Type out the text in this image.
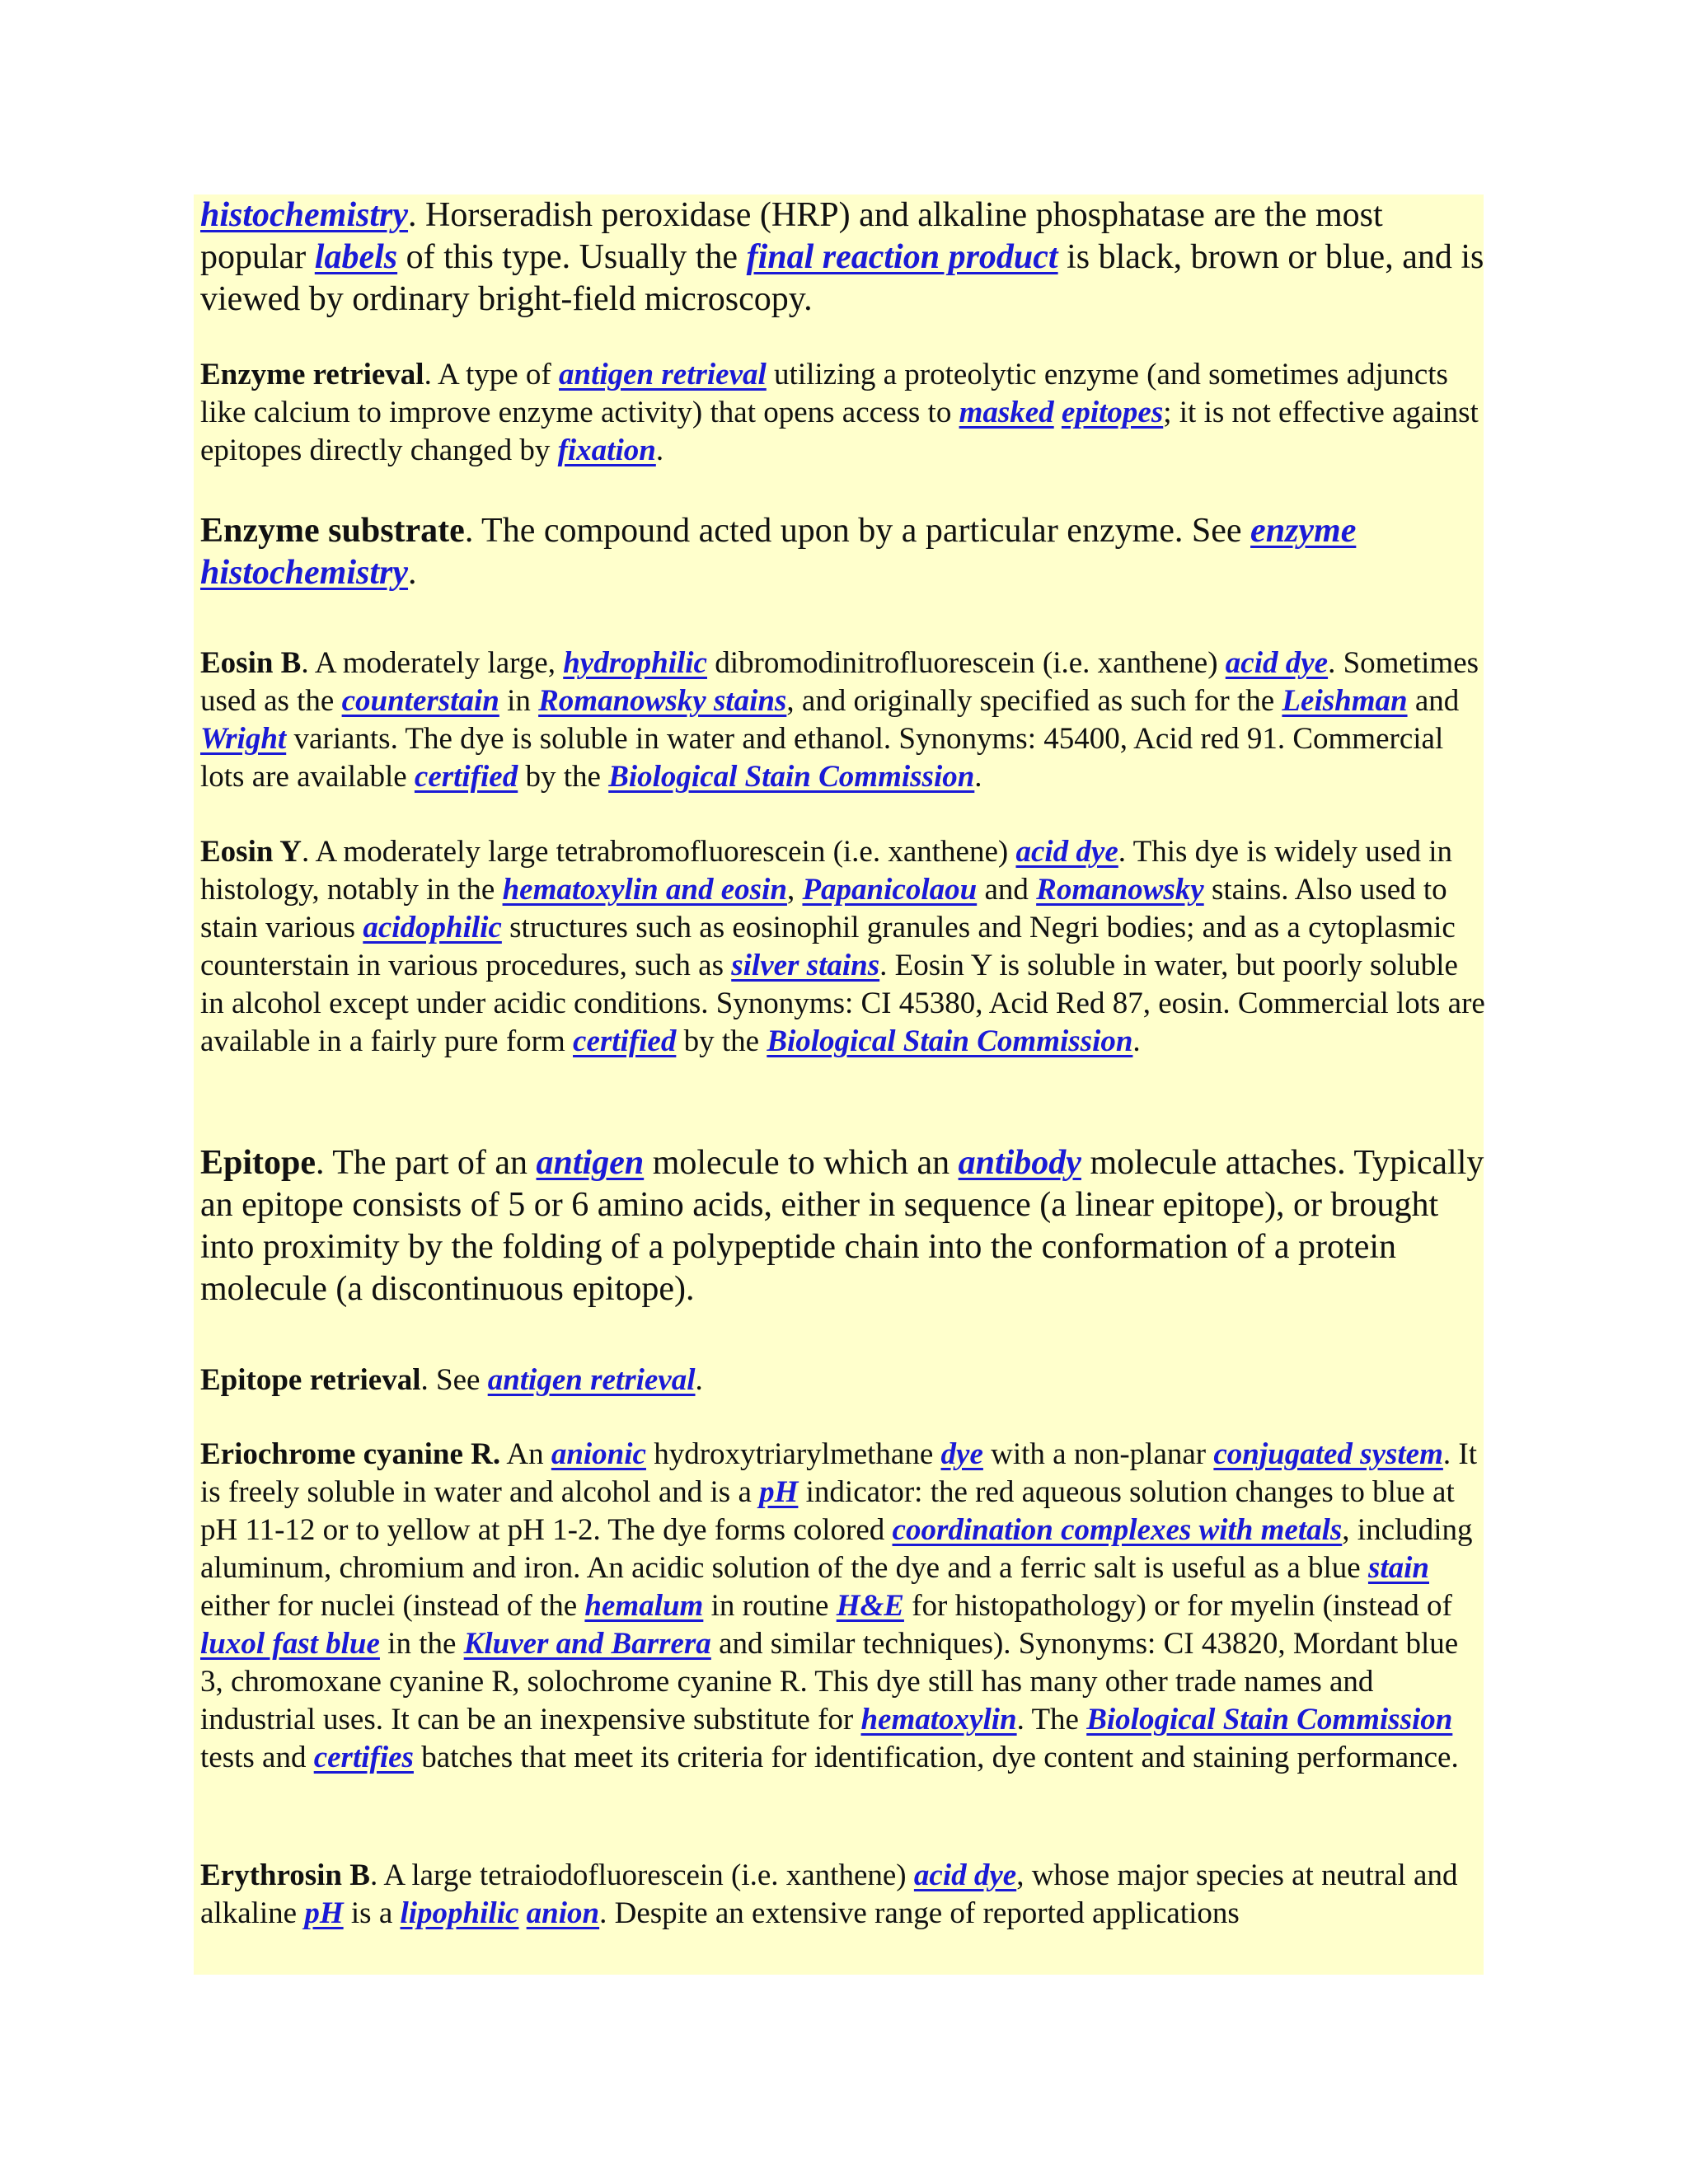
histochemistry. Horseradish peroxidase (HRP) and alkaline phosphatase are the most popular labels of this type. Usually the final reaction product is black, brown or blue, and is viewed by ordinary bright-field microscopy.

Enzyme retrieval. A type of antigen retrieval utilizing a proteolytic enzyme (and sometimes adjuncts like calcium to improve enzyme activity) that opens access to masked epitopes; it is not effective against epitopes directly changed by fixation.

Enzyme substrate. The compound acted upon by a particular enzyme. See enzyme histochemistry.

Eosin B. A moderately large, hydrophilic dibromodinitrofluorescein (i.e. xanthene) acid dye. Sometimes used as the counterstain in Romanowsky stains, and originally specified as such for the Leishman and Wright variants. The dye is soluble in water and ethanol. Synonyms: 45400, Acid red 91. Commercial lots are available certified by the Biological Stain Commission.

Eosin Y. A moderately large tetrabromofluorescein (i.e. xanthene) acid dye. This dye is widely used in histology, notably in the hematoxylin and eosin, Papanicolaou and Romanowsky stains. Also used to stain various acidophilic structures such as eosinophil granules and Negri bodies; and as a cytoplasmic counterstain in various procedures, such as silver stains. Eosin Y is soluble in water, but poorly soluble in alcohol except under acidic conditions. Synonyms: CI 45380, Acid Red 87, eosin. Commercial lots are available in a fairly pure form certified by the Biological Stain Commission.

Epitope. The part of an antigen molecule to which an antibody molecule attaches. Typically an epitope consists of 5 or 6 amino acids, either in sequence (a linear epitope), or brought into proximity by the folding of a polypeptide chain into the conformation of a protein molecule (a discontinuous epitope).

Epitope retrieval. See antigen retrieval.

Eriochrome cyanine R. An anionic hydroxytriarylmethane dye with a non-planar conjugated system. It is freely soluble in water and alcohol and is a pH indicator: the red aqueous solution changes to blue at pH 11-12 or to yellow at pH 1-2. The dye forms colored coordination complexes with metals, including aluminum, chromium and iron. An acidic solution of the dye and a ferric salt is useful as a blue stain either for nuclei (instead of the hemalum in routine H&E for histopathology) or for myelin (instead of luxol fast blue in the Kluver and Barrera and similar techniques). Synonyms: CI 43820, Mordant blue 3, chromoxane cyanine R, solochrome cyanine R. This dye still has many other trade names and industrial uses. It can be an inexpensive substitute for hematoxylin. The Biological Stain Commission tests and certifies batches that meet its criteria for identification, dye content and staining performance.

Erythrosin B. A large tetraiodofluorescein (i.e. xanthene) acid dye, whose major species at neutral and alkaline pH is a lipophilic anion. Despite an extensive range of reported applications
